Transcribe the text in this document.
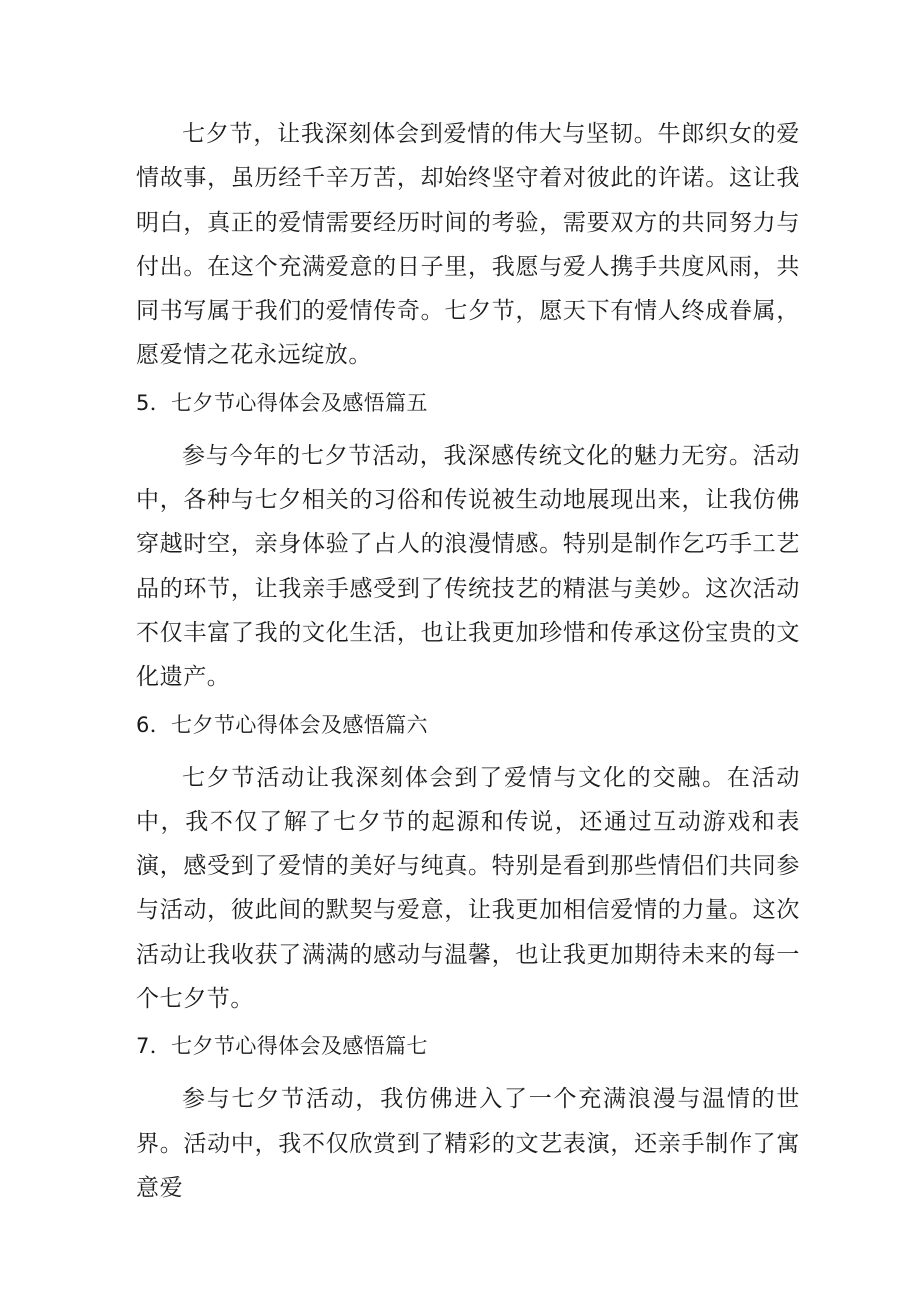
七夕节，让我深刻体会到爱情的伟大与坚韧。牛郎织女的爱情故事，虽历经千辛万苦，却始终坚守着对彼此的许诺。这让我明白，真正的爱情需要经历时间的考验，需要双方的共同努力与付出。在这个充满爱意的日子里，我愿与爱人携手共度风雨，共同书写属于我们的爱情传奇。七夕节，愿天下有情人终成眷属，愿爱情之花永远绽放。

5．七夕节心得体会及感悟篇五

参与今年的七夕节活动，我深感传统文化的魅力无穷。活动中，各种与七夕相关的习俗和传说被生动地展现出来，让我仿佛穿越时空，亲身体验了占人的浪漫情感。特别是制作乞巧手工艺品的环节，让我亲手感受到了传统技艺的精湛与美妙。这次活动不仅丰富了我的文化生活，也让我更加珍惜和传承这份宝贵的文化遗产。

6．七夕节心得体会及感悟篇六

七夕节活动让我深刻体会到了爱情与文化的交融。在活动中，我不仅了解了七夕节的起源和传说，还通过互动游戏和表演，感受到了爱情的美好与纯真。特别是看到那些情侣们共同参与活动，彼此间的默契与爱意，让我更加相信爱情的力量。这次活动让我收获了满满的感动与温馨，也让我更加期待未来的每一个七夕节。

7．七夕节心得体会及感悟篇七

参与七夕节活动，我仿佛进入了一个充满浪漫与温情的世界。活动中，我不仅欣赏到了精彩的文艺表演，还亲手制作了寓意爱
